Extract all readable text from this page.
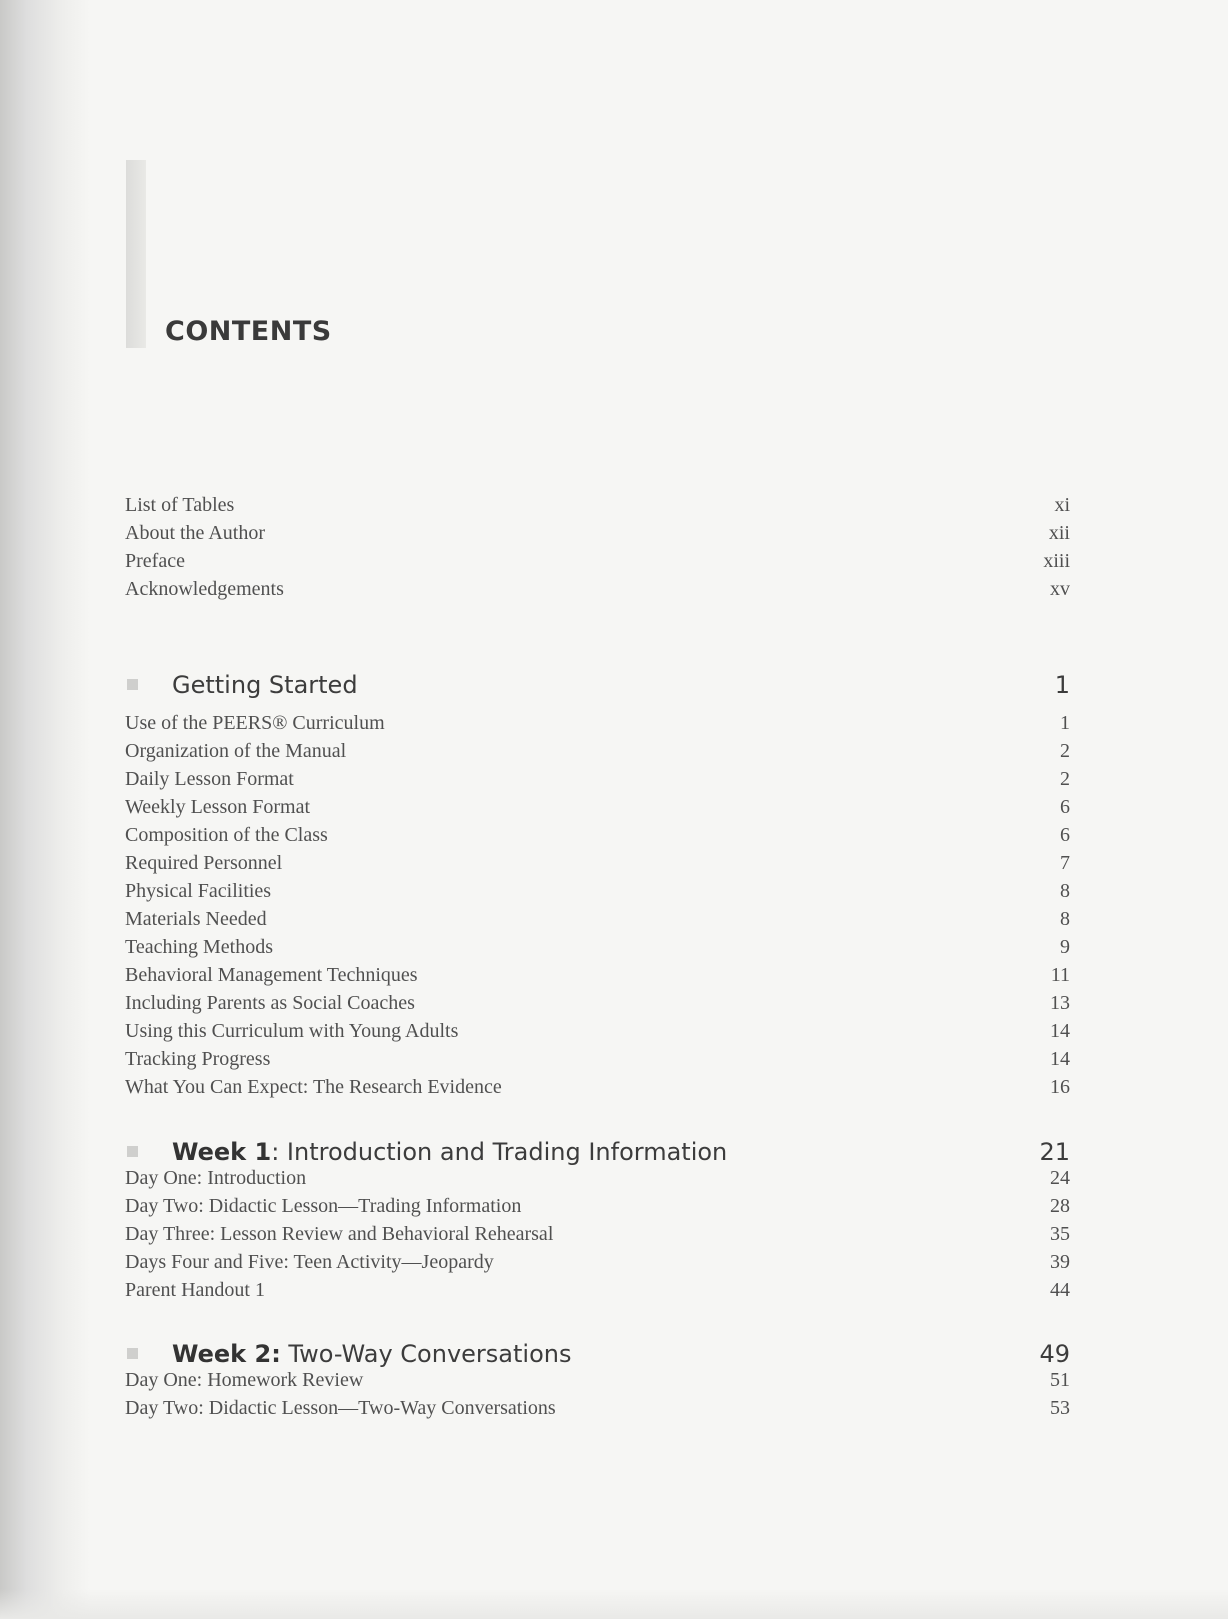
CONTENTS
List of Tables	xi
About the Author	xii
Preface	xiii
Acknowledgements	xv
Getting Started	1
Use of the PEERS® Curriculum	1
Organization of the Manual	2
Daily Lesson Format	2
Weekly Lesson Format	6
Composition of the Class	6
Required Personnel	7
Physical Facilities	8
Materials Needed	8
Teaching Methods	9
Behavioral Management Techniques	11
Including Parents as Social Coaches	13
Using this Curriculum with Young Adults	14
Tracking Progress	14
What You Can Expect: The Research Evidence	16
Week 1: Introduction and Trading Information	21
Day One: Introduction	24
Day Two: Didactic Lesson—Trading Information	28
Day Three: Lesson Review and Behavioral Rehearsal	35
Days Four and Five: Teen Activity—Jeopardy	39
Parent Handout 1	44
Week 2: Two-Way Conversations	49
Day One: Homework Review	51
Day Two: Didactic Lesson—Two-Way Conversations	53
